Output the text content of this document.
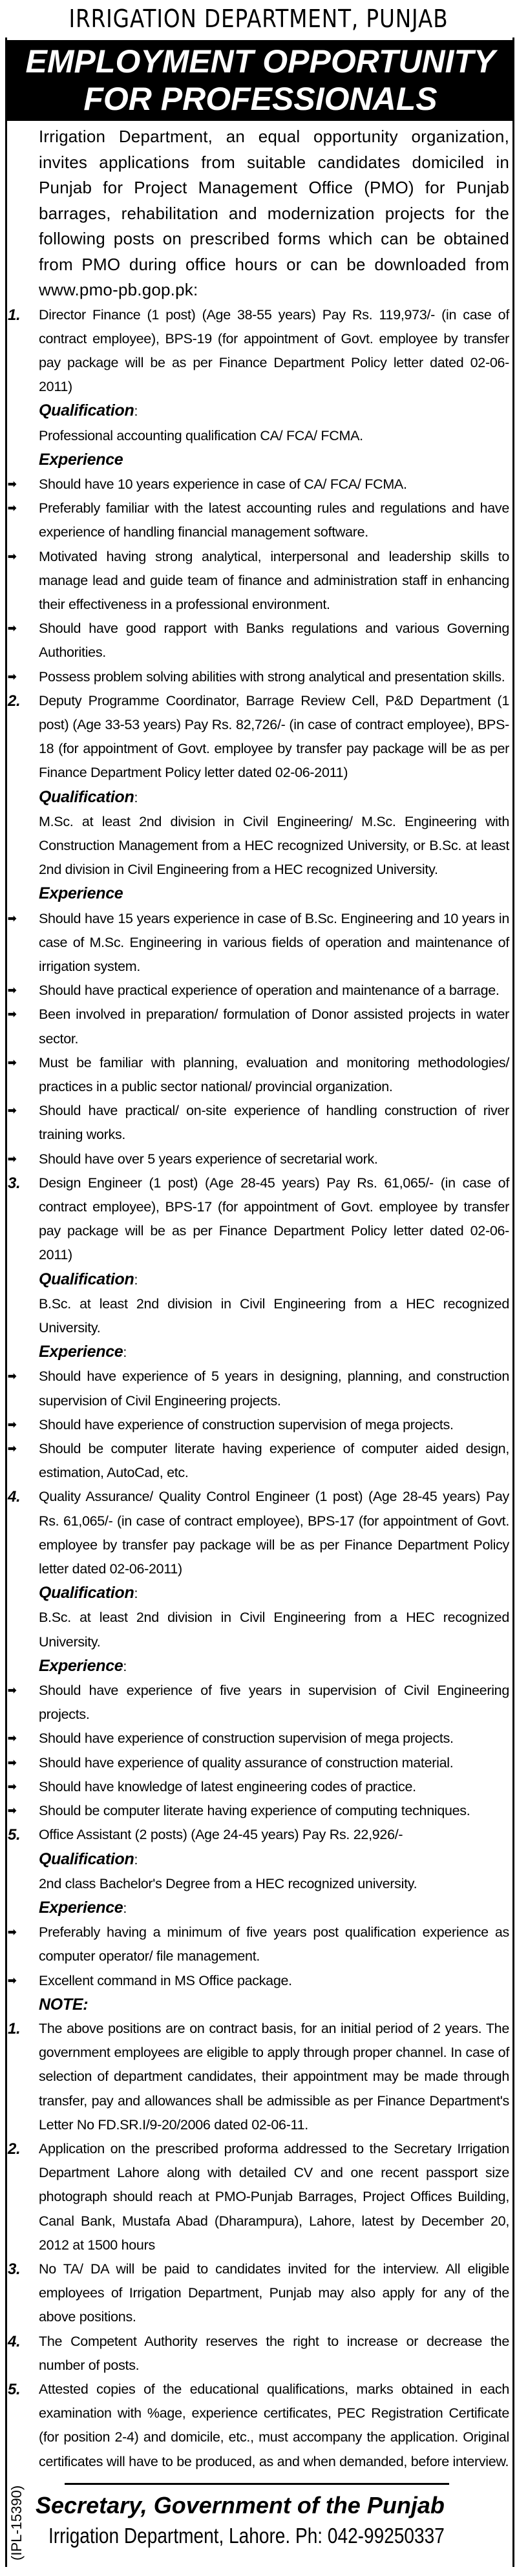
IRRIGATION DEPARTMENT, PUNJAB
EMPLOYMENT OPPORTUNITY
FOR PROFESSIONALS
Irrigation Department, an equal opportunity organization, invites applications from suitable candidates domiciled in Punjab for Project Management Office (PMO) for Punjab barrages, rehabilitation and modernization projects for the following posts on prescribed forms which can be obtained from PMO during office hours or can be downloaded from www.pmo-pb.gop.pk:
1. Director Finance (1 post) (Age 38-55 years) Pay Rs. 119,973/- (in case of contract employee), BPS-19 (for appointment of Govt. employee by transfer pay package will be as per Finance Department Policy letter dated 02-06-2011)
Qualification:
Professional accounting qualification CA/ FCA/ FCMA.
Experience
➡ Should have 10 years experience in case of CA/ FCA/ FCMA.
➡ Preferably familiar with the latest accounting rules and regulations and have experience of handling financial management software.
➡ Motivated having strong analytical, interpersonal and leadership skills to manage lead and guide team of finance and administration staff in enhancing their effectiveness in a professional environment.
➡ Should have good rapport with Banks regulations and various Governing Authorities.
➡ Possess problem solving abilities with strong analytical and presentation skills.
2. Deputy Programme Coordinator, Barrage Review Cell, P&D Department (1 post) (Age 33-53 years) Pay Rs. 82,726/- (in case of contract employee), BPS-18 (for appointment of Govt. employee by transfer pay package will be as per Finance Department Policy letter dated 02-06-2011)
Qualification:
M.Sc. at least 2nd division in Civil Engineering/ M.Sc. Engineering with Construction Management from a HEC recognized University, or B.Sc. at least 2nd division in Civil Engineering from a HEC recognized University.
Experience
➡ Should have 15 years experience in case of B.Sc. Engineering and 10 years in case of M.Sc. Engineering in various fields of operation and maintenance of irrigation system.
➡ Should have practical experience of operation and maintenance of a barrage.
➡ Been involved in preparation/ formulation of Donor assisted projects in water sector.
➡ Must be familiar with planning, evaluation and monitoring methodologies/ practices in a public sector national/ provincial organization.
➡ Should have practical/ on-site experience of handling construction of river training works.
➡ Should have over 5 years experience of secretarial work.
3. Design Engineer (1 post) (Age 28-45 years) Pay Rs. 61,065/- (in case of contract employee), BPS-17 (for appointment of Govt. employee by transfer pay package will be as per Finance Department Policy letter dated 02-06-2011)
Qualification:
B.Sc. at least 2nd division in Civil Engineering from a HEC recognized University.
Experience:
➡ Should have experience of 5 years in designing, planning, and construction supervision of Civil Engineering projects.
➡ Should have experience of construction supervision of mega projects.
➡ Should be computer literate having experience of computer aided design, estimation, AutoCad, etc.
4. Quality Assurance/ Quality Control Engineer (1 post) (Age 28-45 years) Pay Rs. 61,065/- (in case of contract employee), BPS-17 (for appointment of Govt. employee by transfer pay package will be as per Finance Department Policy letter dated 02-06-2011)
Qualification:
B.Sc. at least 2nd division in Civil Engineering from a HEC recognized University.
Experience:
➡ Should have experience of five years in supervision of Civil Engineering projects.
➡ Should have experience of construction supervision of mega projects.
➡ Should have experience of quality assurance of construction material.
➡ Should have knowledge of latest engineering codes of practice.
➡ Should be computer literate having experience of computing techniques.
5. Office Assistant (2 posts) (Age 24-45 years) Pay Rs. 22,926/-
Qualification:
2nd class Bachelor's Degree from a HEC recognized university.
Experience:
➡ Preferably having a minimum of five years post qualification experience as computer operator/ file management.
➡ Excellent command in MS Office package.
NOTE:
1. The above positions are on contract basis, for an initial period of 2 years. The government employees are eligible to apply through proper channel. In case of selection of department candidates, their appointment may be made through transfer, pay and allowances shall be admissible as per Finance Department's Letter No FD.SR.I/9-20/2006 dated 02-06-11.
2. Application on the prescribed proforma addressed to the Secretary Irrigation Department Lahore along with detailed CV and one recent passport size photograph should reach at PMO-Punjab Barrages, Project Offices Building, Canal Bank, Mustafa Abad (Dharampura), Lahore, latest by December 20, 2012 at 1500 hours
3. No TA/ DA will be paid to candidates invited for the interview. All eligible employees of Irrigation Department, Punjab may also apply for any of the above positions.
4. The Competent Authority reserves the right to increase or decrease the number of posts.
5. Attested copies of the educational qualifications, marks obtained in each examination with %age, experience certificates, PEC Registration Certificate (for position 2-4) and domicile, etc., must accompany the application. Original certificates will have to be produced, as and when demanded, before interview.
(IPL-15390) Secretary, Government of the Punjab
Irrigation Department, Lahore. Ph: 042-99250337
